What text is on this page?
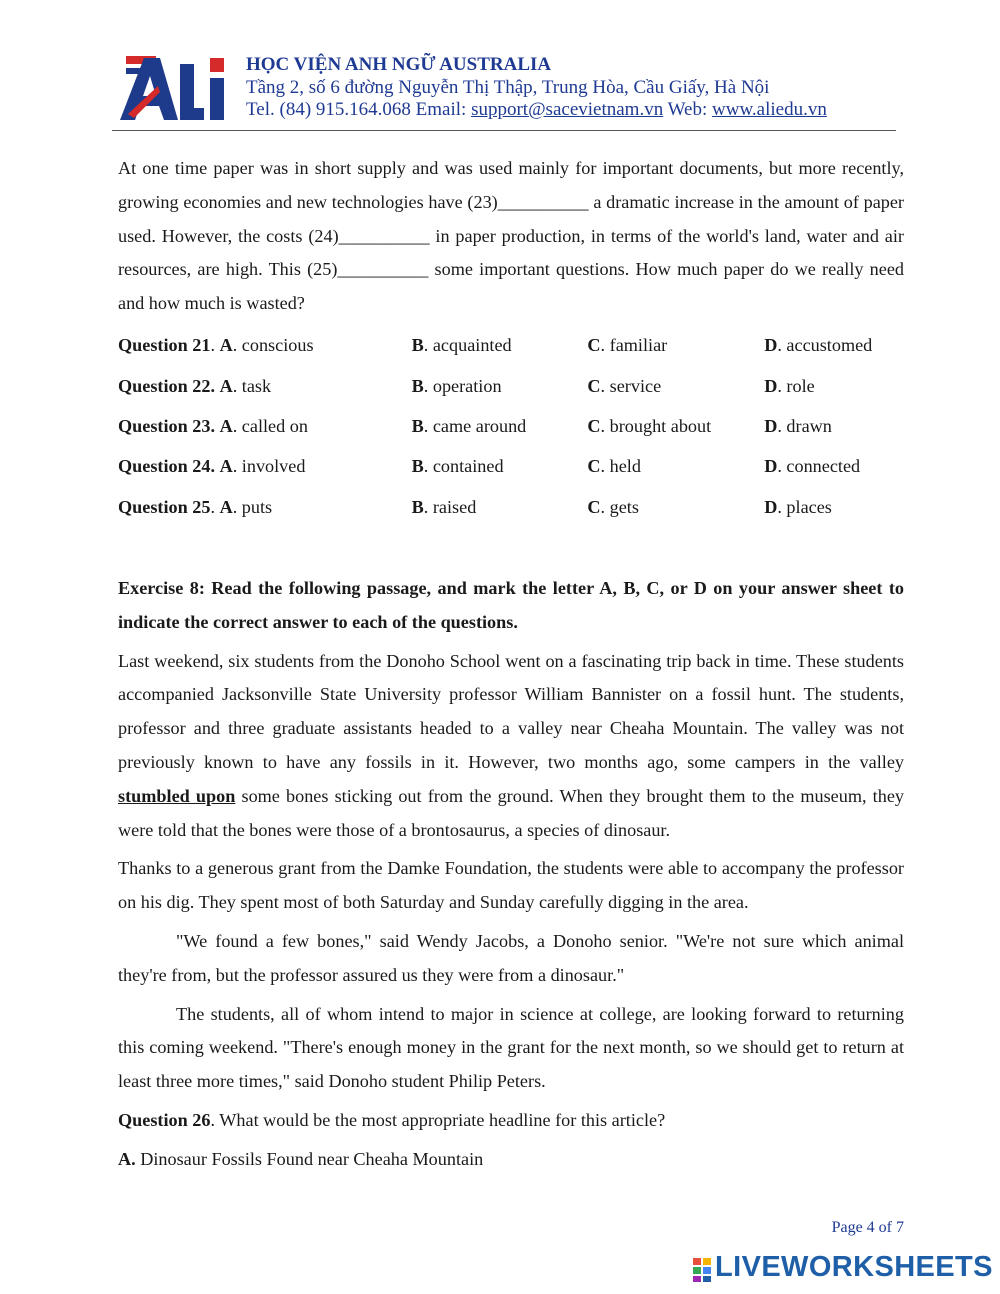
HỌC VIỆN ANH NGỮ AUSTRALIA
Tầng 2, số 6 đường Nguyễn Thị Thập, Trung Hòa, Cầu Giấy, Hà Nội
Tel. (84) 915.164.068 Email: support@sacevietnam.vn Web: www.aliedu.vn

At one time paper was in short supply and was used mainly for important documents, but more recently, growing economies and new technologies have (23)__________ a dramatic increase in the amount of paper used. However, the costs (24)__________ in paper production, in terms of the world's land, water and air resources, are high. This (25)__________ some important questions. How much paper do we really need and how much is wasted?

Question 21. A. conscious	B. acquainted	C. familiar	D. accustomed
Question 22. A. task	B. operation	C. service	D. role
Question 23. A. called on	B. came around	C. brought about	D. drawn
Question 24. A. involved	B. contained	C. held	D. connected
Question 25. A. puts	B. raised	C. gets	D. places

Exercise 8: Read the following passage, and mark the letter A, B, C, or D on your answer sheet to indicate the correct answer to each of the questions.

Last weekend, six students from the Donoho School went on a fascinating trip back in time. These students accompanied Jacksonville State University professor William Bannister on a fossil hunt. The students, professor and three graduate assistants headed to a valley near Cheaha Mountain. The valley was not previously known to have any fossils in it. However, two months ago, some campers in the valley stumbled upon some bones sticking out from the ground. When they brought them to the museum, they were told that the bones were those of a brontosaurus, a species of dinosaur.

Thanks to a generous grant from the Damke Foundation, the students were able to accompany the professor on his dig. They spent most of both Saturday and Sunday carefully digging in the area.

"We found a few bones," said Wendy Jacobs, a Donoho senior. "We're not sure which animal they're from, but the professor assured us they were from a dinosaur."

The students, all of whom intend to major in science at college, are looking forward to returning this coming weekend. "There's enough money in the grant for the next month, so we should get to return at least three more times," said Donoho student Philip Peters.

Question 26. What would be the most appropriate headline for this article?

A. Dinosaur Fossils Found near Cheaha Mountain

Page 4 of 7
LIVEWORKSHEETS
